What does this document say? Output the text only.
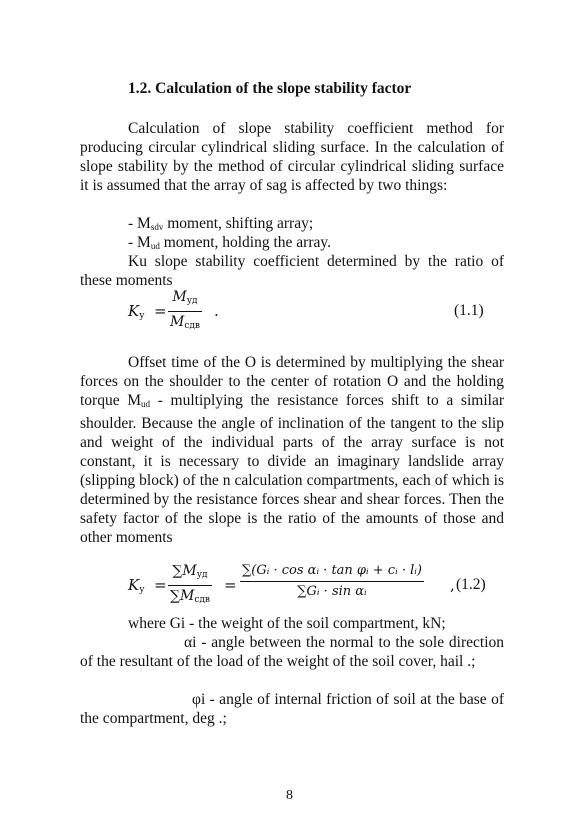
1.2. Calculation of the slope stability factor

Calculation of slope stability coefficient method for producing circular cylindrical sliding surface. In the calculation of slope stability by the method of circular cylindrical sliding surface it is assumed that the array of sag is affected by two things:

- $M_{sdv}$ moment, shifting array;
- $M_{ud}$ moment, holding the array.

Ku slope stability coefficient determined by the ratio of these moments

$K_у$ =
$M_{уд}$
$M_{сдв}$
.	(1.1)

Offset time of the O is determined by multiplying the shear forces on the shoulder to the center of rotation O and the holding torque $M_{ud}$ - multiplying the resistance forces shift to a similar shoulder. Because the angle of inclination of the tangent to the slip and weight of the individual parts of the array surface is not constant, it is necessary to divide an imaginary landslide array (slipping block) of the n calculation compartments, each of which is determined by the resistance forces shear and shear forces. Then the safety factor of the slope is the ratio of the amounts of those and other moments

$K_у$ =
$\sum M_{уд}$
$\sum M_{сдв}$
= $\frac{\text{∑(Gᵢ · cos αᵢ · tan φᵢ + cᵢ · lᵢ)}}{\text{∑Gᵢ · sin αᵢ}}$ , (1.2)
where Gi - the weight of the soil compartment, kN;

αi - angle between the normal to the sole direction of the resultant of the load of the weight of the soil cover, hail .;

φi - angle of internal friction of soil at the base of the compartment, deg .;

8
